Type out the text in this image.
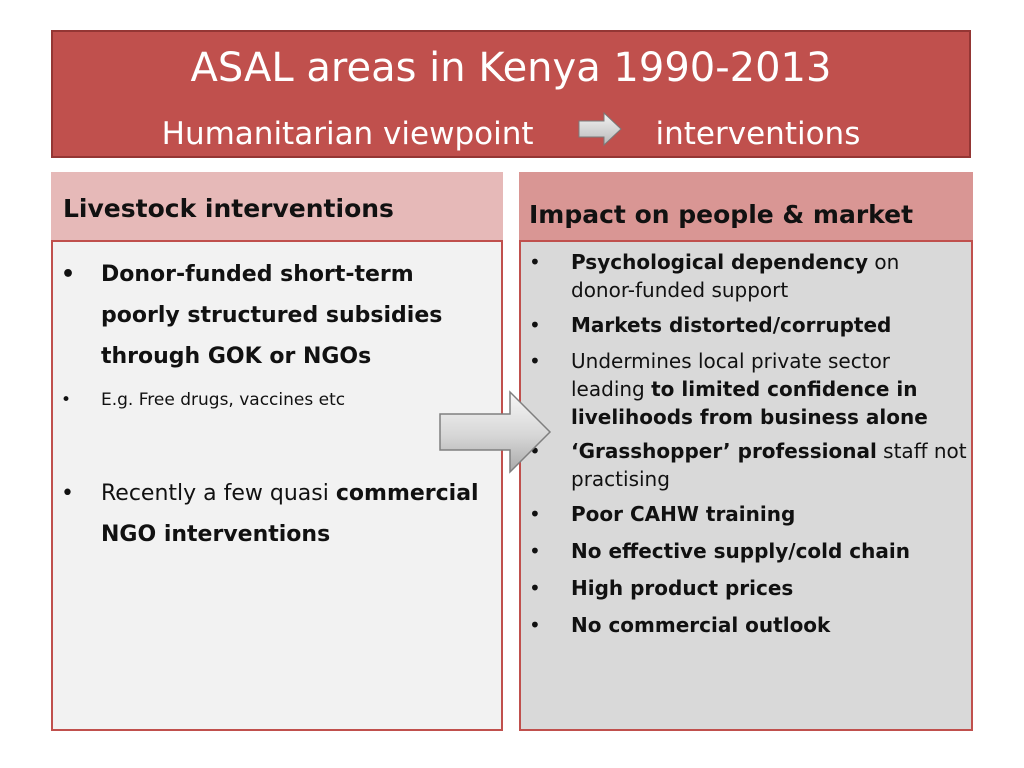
ASAL areas in Kenya 1990-2013
Humanitarian viewpoint	interventions
Livestock interventions	Impact on people & market
• Donor-funded short-term poorly structured subsidies through GOK or NGOs
• E.g. Free drugs, vaccines etc
• Recently a few quasi commercial NGO interventions
• Psychological dependency on donor-funded support
• Markets distorted/corrupted
• Undermines local private sector leading to limited confidence in livelihoods from business alone
• ‘Grasshopper’ professional staff not practising
• Poor CAHW training
• No effective supply/cold chain
• High product prices
• No commercial outlook
